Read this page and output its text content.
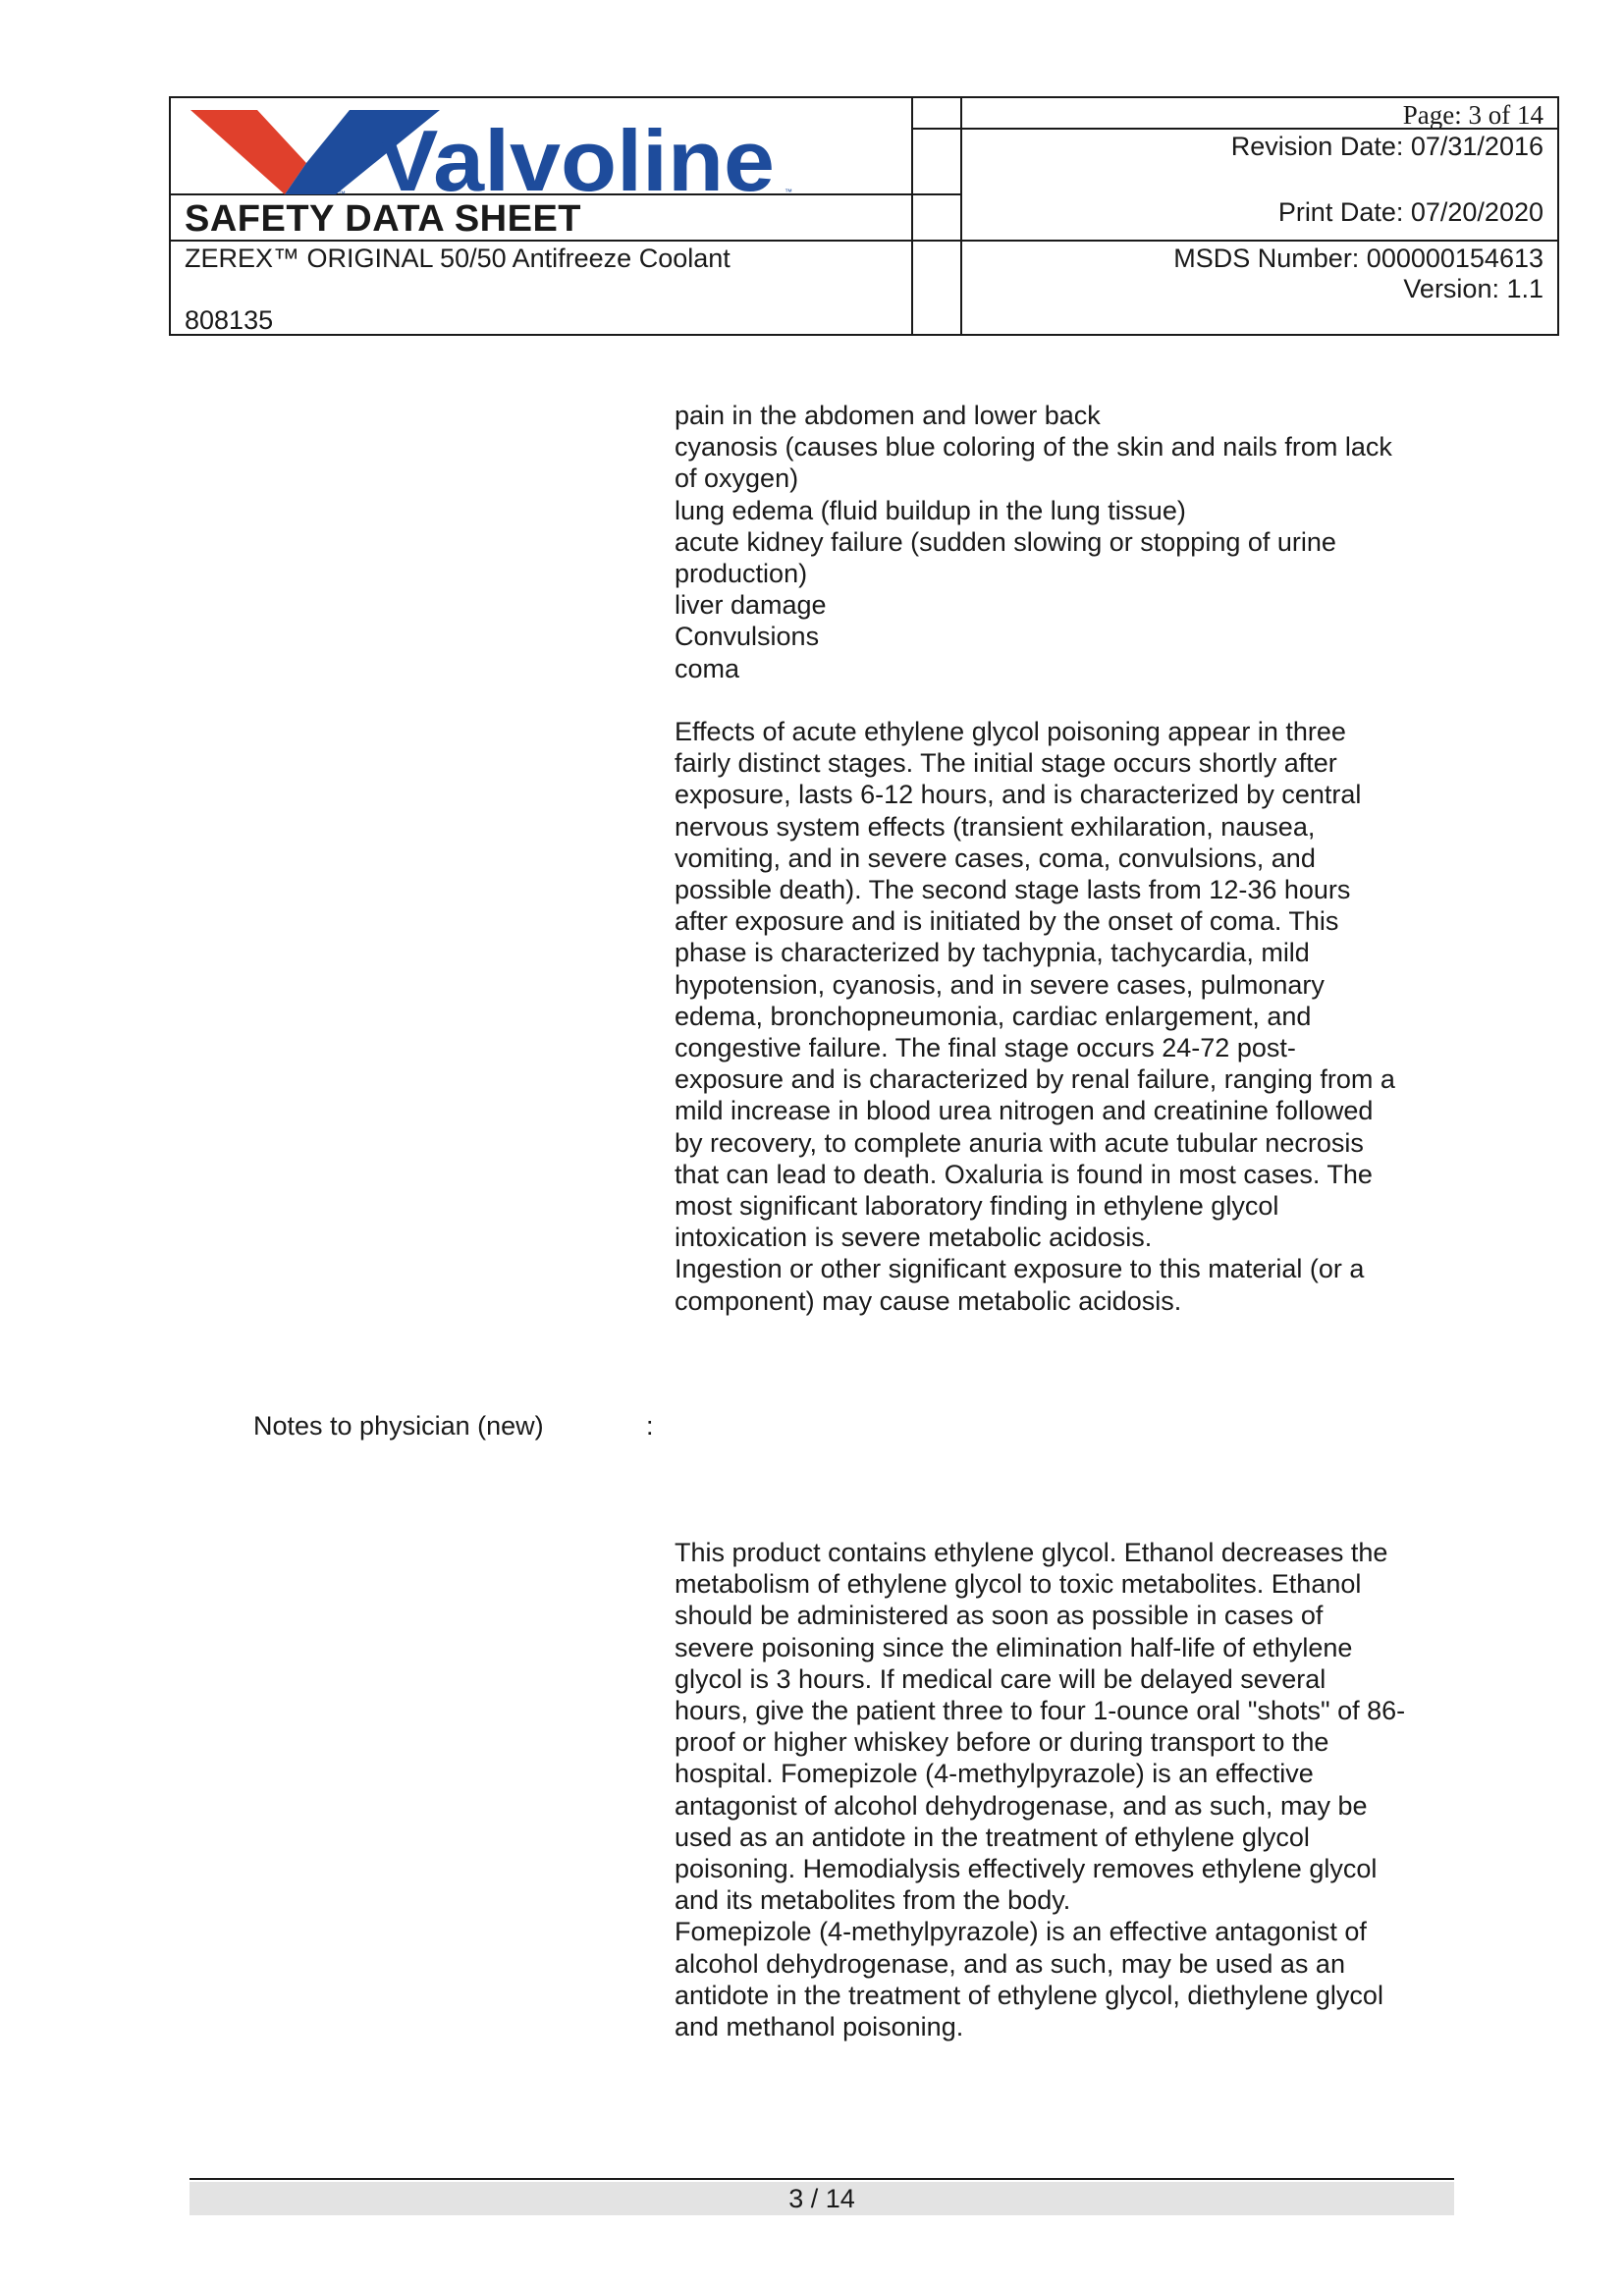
Valvoline
™	™
SAFETY DATA SHEET
ZEREX™ ORIGINAL 50/50 Antifreeze Coolant
808135
Page: 3 of 14
Revision Date: 07/31/2016
Print Date: 07/20/2020
MSDS Number: 000000154613
Version: 1.1

pain in the abdomen and lower back

cyanosis (causes blue coloring of the skin and nails from lack

of oxygen)

lung edema (fluid buildup in the lung tissue)

acute kidney failure (sudden slowing or stopping of urine

production)

liver damage

Convulsions

coma

Effects of acute ethylene glycol poisoning appear in three

fairly distinct stages. The initial stage occurs shortly after

exposure, lasts 6-12 hours, and is characterized by central

nervous system effects (transient exhilaration, nausea,

vomiting, and in severe cases, coma, convulsions, and

possible death). The second stage lasts from 12-36 hours

after exposure and is initiated by the onset of coma. This

phase is characterized by tachypnia, tachycardia, mild

hypotension, cyanosis, and in severe cases, pulmonary

edema, bronchopneumonia, cardiac enlargement, and

congestive failure. The final stage occurs 24-72 post-

exposure and is characterized by renal failure, ranging from a

mild increase in blood urea nitrogen and creatinine followed

by recovery, to complete anuria with acute tubular necrosis

that can lead to death. Oxaluria is found in most cases. The

most significant laboratory finding in ethylene glycol

intoxication is severe metabolic acidosis.

Ingestion or other significant exposure to this material (or a

component) may cause metabolic acidosis.

Notes to physician (new)	:

This product contains ethylene glycol. Ethanol decreases the

metabolism of ethylene glycol to toxic metabolites. Ethanol

should be administered as soon as possible in cases of

severe poisoning since the elimination half-life of ethylene

glycol is 3 hours. If medical care will be delayed several

hours, give the patient three to four 1-ounce oral "shots" of 86-

proof or higher whiskey before or during transport to the

hospital. Fomepizole (4-methylpyrazole) is an effective

antagonist of alcohol dehydrogenase, and as such, may be

used as an antidote in the treatment of ethylene glycol

poisoning. Hemodialysis effectively removes ethylene glycol

and its metabolites from the body.

Fomepizole (4-methylpyrazole) is an effective antagonist of

alcohol dehydrogenase, and as such, may be used as an

antidote in the treatment of ethylene glycol, diethylene glycol

and methanol poisoning.

3 / 14
